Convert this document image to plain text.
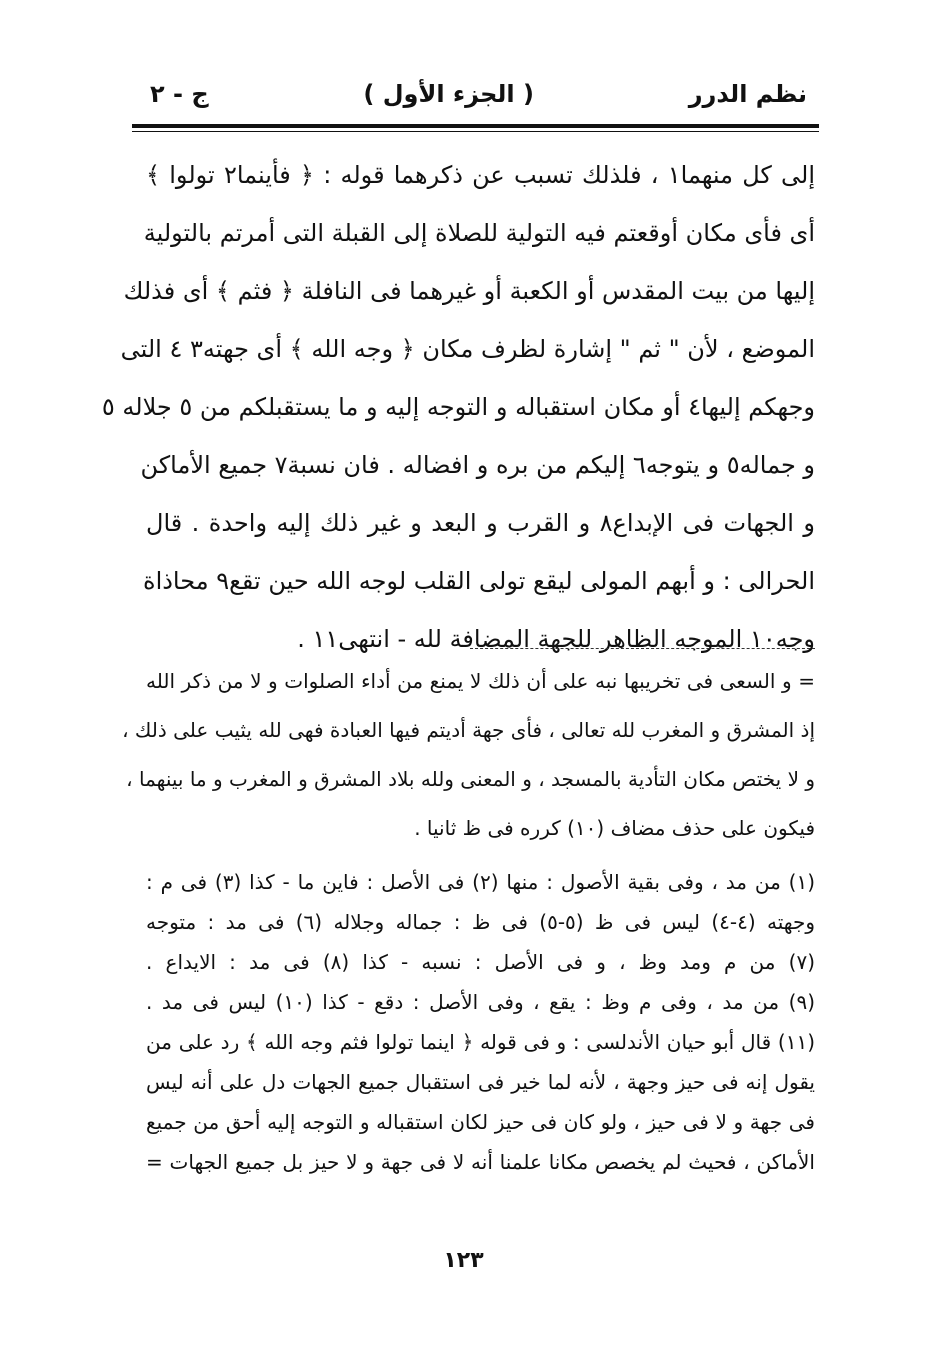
نظم الدرر
( الجزء الأول )
ج - ٢
إلى كل منهما١ ، فلذلك تسبب عن ذكرهما قوله : ﴿ فأينما٢ تولوا ﴾
أى فأى مكان أوقعتم فيه التولية للصلاة إلى القبلة التى أمرتم بالتولية
إليها من بيت المقدس أو الكعبة أو غيرهما فى النافلة ﴿ فثم ﴾ أى فذلك
الموضع ، لأن " ثم " إشارة لظرف مكان ﴿ وجه الله ﴾ أى جهته٣ ٤ التى
وجهكم إليها٤ أو مكان استقباله و التوجه إليه و ما يستقبلكم من ٥ جلاله ٥
و جماله٥ و يتوجه٦ إليكم من بره و افضاله . فان نسبة٧ جميع الأماكن
و الجهات فى الإبداع٨ و القرب و البعد و غير ذلك إليه واحدة . قال
الحرالى : و أبهم المولى ليقع تولى القلب لوجه الله حين تقع٩ محاذاة
وجه١٠ الموجه الظاهر للجهة المضافة لله - انتهى١١ .
= و السعى فى تخريبها نبه على أن ذلك لا يمنع من أداء الصلوات و لا من ذكر الله
إذ المشرق و المغرب لله تعالى ، فأى جهة أديتم فيها العبادة فهى لله يثيب على ذلك ،
و لا يختص مكان التأدية بالمسجد ، و المعنى ولله بلاد المشرق و المغرب و ما بينهما ،
فيكون على حذف مضاف (١٠) كرره فى ظ ثانيا .
(١) من مد ، وفى بقية الأصول : منها (٢) فى الأصل : فاين ما - كذا (٣) فى م :
وجهته (٤-٤) ليس فى ظ (٥-٥) فى ظ : جماله وجلاله (٦) فى مد : متوجه
(٧) من م ومد وظ ، و فى الأصل : نسبه - كذا (٨) فى مد : الايداع .
(٩) من مد ، وفى م وظ : يقع ، وفى الأصل : دقع - كذا (١٠) ليس فى مد .
(١١) قال أبو حيان الأندلسى : و فى قوله ﴿ اينما تولوا فثم وجه الله ﴾ رد على من
يقول إنه فى حيز وجهة ، لأنه لما خير فى استقبال جميع الجهات دل على أنه ليس
فى جهة و لا فى حيز ، ولو كان فى حيز لكان استقباله و التوجه إليه أحق من جميع
الأماكن ، فحيث لم يخصص مكانا علمنا أنه لا فى جهة و لا حيز بل جميع الجهات =
١٢٣
